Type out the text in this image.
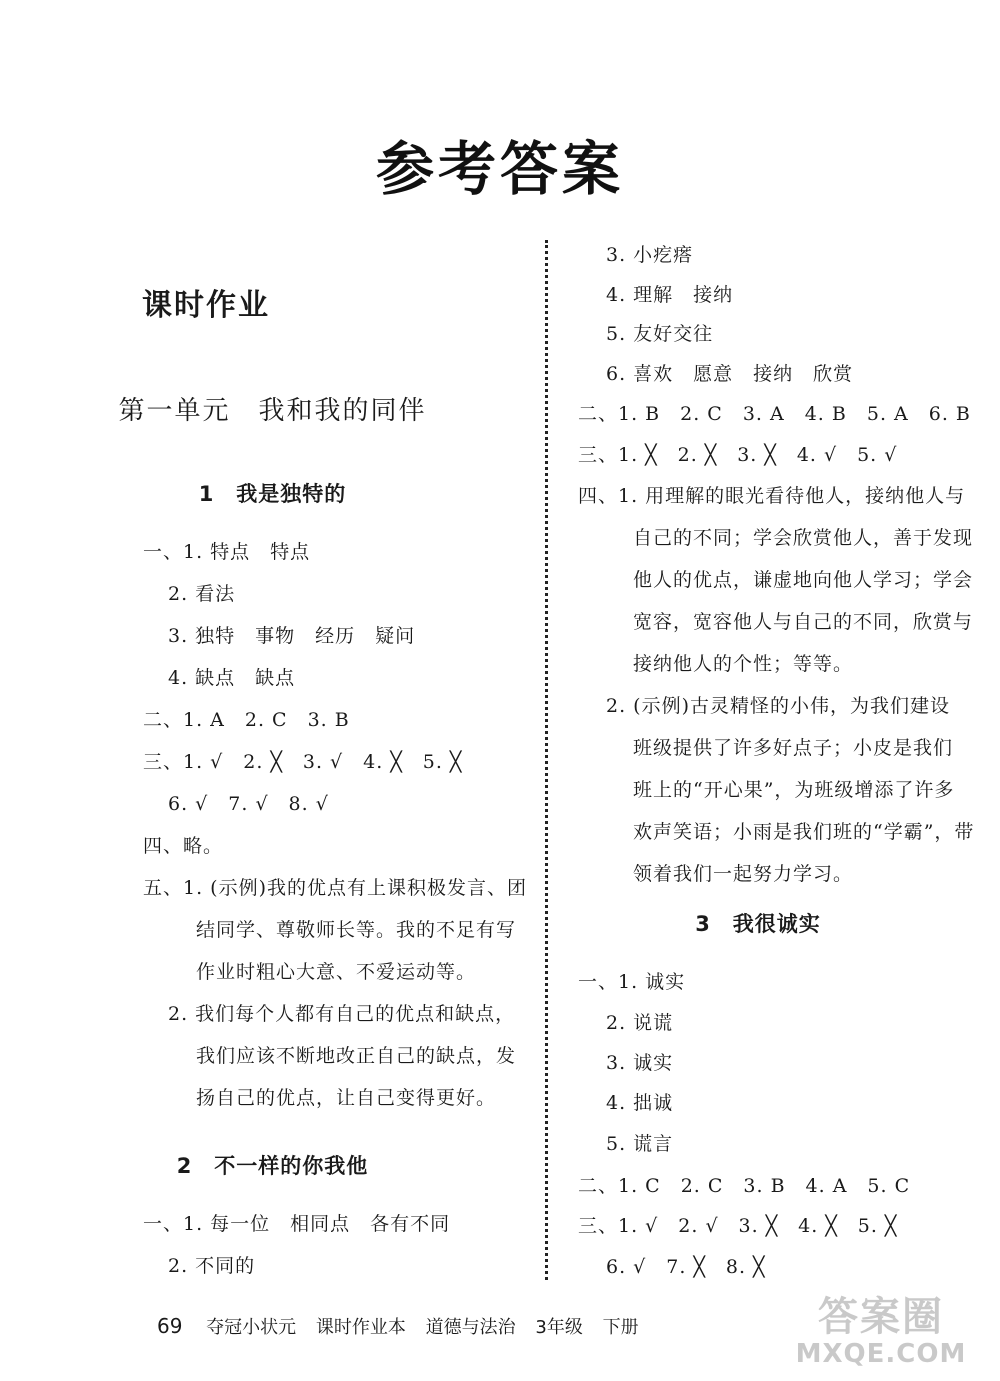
参考答案
课时作业
第一单元　我和我的同伴
1　我是独特的
一、1. 特点　特点
2. 看法
3. 独特　事物　经历　疑问
4. 缺点　缺点
二、1. A　2. C　3. B
三、1. √　2. ╳　3. √　4. ╳　5. ╳
6. √　7. √　8. √
四、略。
五、1. (示例)我的优点有上课积极发言、团
结同学、尊敬师长等。我的不足有写
作业时粗心大意、不爱运动等。
2. 我们每个人都有自己的优点和缺点，
我们应该不断地改正自己的缺点，发
扬自己的优点，让自己变得更好。
2　不一样的你我他
一、1. 每一位　相同点　各有不同
2. 不同的
3. 小疙瘩
4. 理解　接纳
5. 友好交往
6. 喜欢　愿意　接纳　欣赏
二、1. B　2. C　3. A　4. B　5. A　6. B
三、1. ╳　2. ╳　3. ╳　4. √　5. √
四、1. 用理解的眼光看待他人，接纳他人与
自己的不同；学会欣赏他人，善于发现
他人的优点，谦虚地向他人学习；学会
宽容，宽容他人与自己的不同，欣赏与
接纳他人的个性；等等。
2. (示例)古灵精怪的小伟，为我们建设
班级提供了许多好点子；小皮是我们
班上的“开心果”，为班级增添了许多
欢声笑语；小雨是我们班的“学霸”，带
领着我们一起努力学习。
3　我很诚实
一、1. 诚实
2. 说谎
3. 诚实
4. 拙诚
5. 谎言
二、1. C　2. C　3. B　4. A　5. C
三、1. √　2. √　3. ╳　4. ╳　5. ╳
6. √　7. ╳　8. ╳
69 夺冠小状元 课时作业本 道德与法治 3年级 下册	答案圈
MXQE.COM
